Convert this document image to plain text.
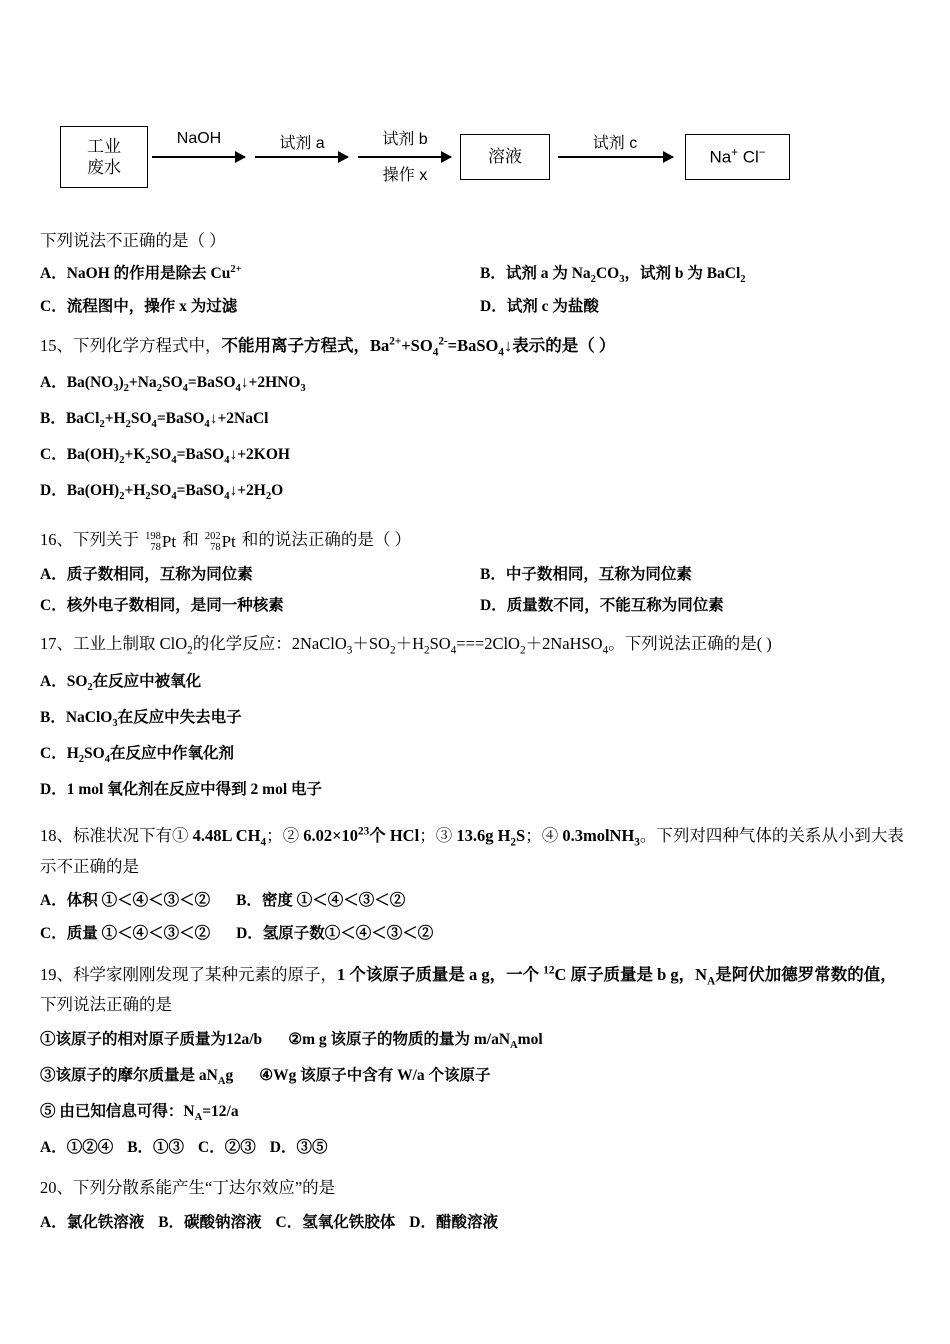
工业
废水
NaOH	试剂 a	试剂 b
操作 x
溶液
试剂 c
Na+ Cl−

下列说法不正确的是（ ）

A．NaOH 的作用是除去 $Cu^{2+}$	B．试剂 a 为 $Na_2CO_3$，试剂 b 为 BaCl$_2$
C．流程图中，操作 x 为过滤	D．试剂 c 为盐酸

15、下列化学方程式中，不能用离子方程式，$Ba^{2+}+SO_4^{2-}=BaSO_4↓$表示的是（ ）

A．$Ba(NO_3)_2+Na_2SO_4=BaSO_4↓+2HNO_3$
B．$BaCl_2+H_2SO_4=BaSO_4↓+2NaCl$
C．$Ba(OH)_2+K_2SO_4=BaSO_4↓+2KOH$
D．$Ba(OH)_2+H_2SO_4=BaSO_4↓+2H_2O$

16、下列关于 198
78Pt 和 202
78Pt 和的说法正确的是（ ）

A．质子数相同，互称为同位素	B．中子数相同，互称为同位素
C．核外电子数相同，是同一种核素	D．质量数不同，不能互称为同位素

17、工业上制取 ClO$_2$的化学反应：$2NaClO_3+SO_2+H_2SO_4===2ClO_2+2NaHSO_4$。下列说法正确的是( )

A．$SO_2$在反应中被氧化
B．NaClO$_3$在反应中失去电子
C．$H_2SO_4$在反应中作氧化剂
D．1 mol 氧化剂在反应中得到 2 mol 电子

18、标准状况下有① 4.48L $CH_4$；② $6.02\times 10^{23}$个 HCl；③ 13.6g $H_2S$；④ 0.3molNH$_3$。下列对四种气体的关系从小到大表

示不正确的是

A．体积 ①＜④＜③＜② B．密度 ①＜④＜③＜②
C．质量 ①＜④＜③＜② D．氢原子数①＜④＜③＜②

19、科学家刚刚发现了某种元素的原子，1 个该原子质量是 a g，一个 $^{12}$C 原子质量是 b g，$N_A$是阿伏加德罗常数的值，

下列说法正确的是

①该原子的相对原子质量为12a/b ②m g 该原子的物质的量为 $m/aN_Amol$
③该原子的摩尔质量是 $aN_Ag$ ④Wg 该原子中含有 W/a 个该原子
⑤ 由已知信息可得：$N_A=12/a$
A．①②④ B．①③ C．②③ D．③⑤

20、下列分散系能产生“丁达尔效应”的是

A．氯化铁溶液 B．碳酸钠溶液 C．氢氧化铁胶体 D．醋酸溶液
